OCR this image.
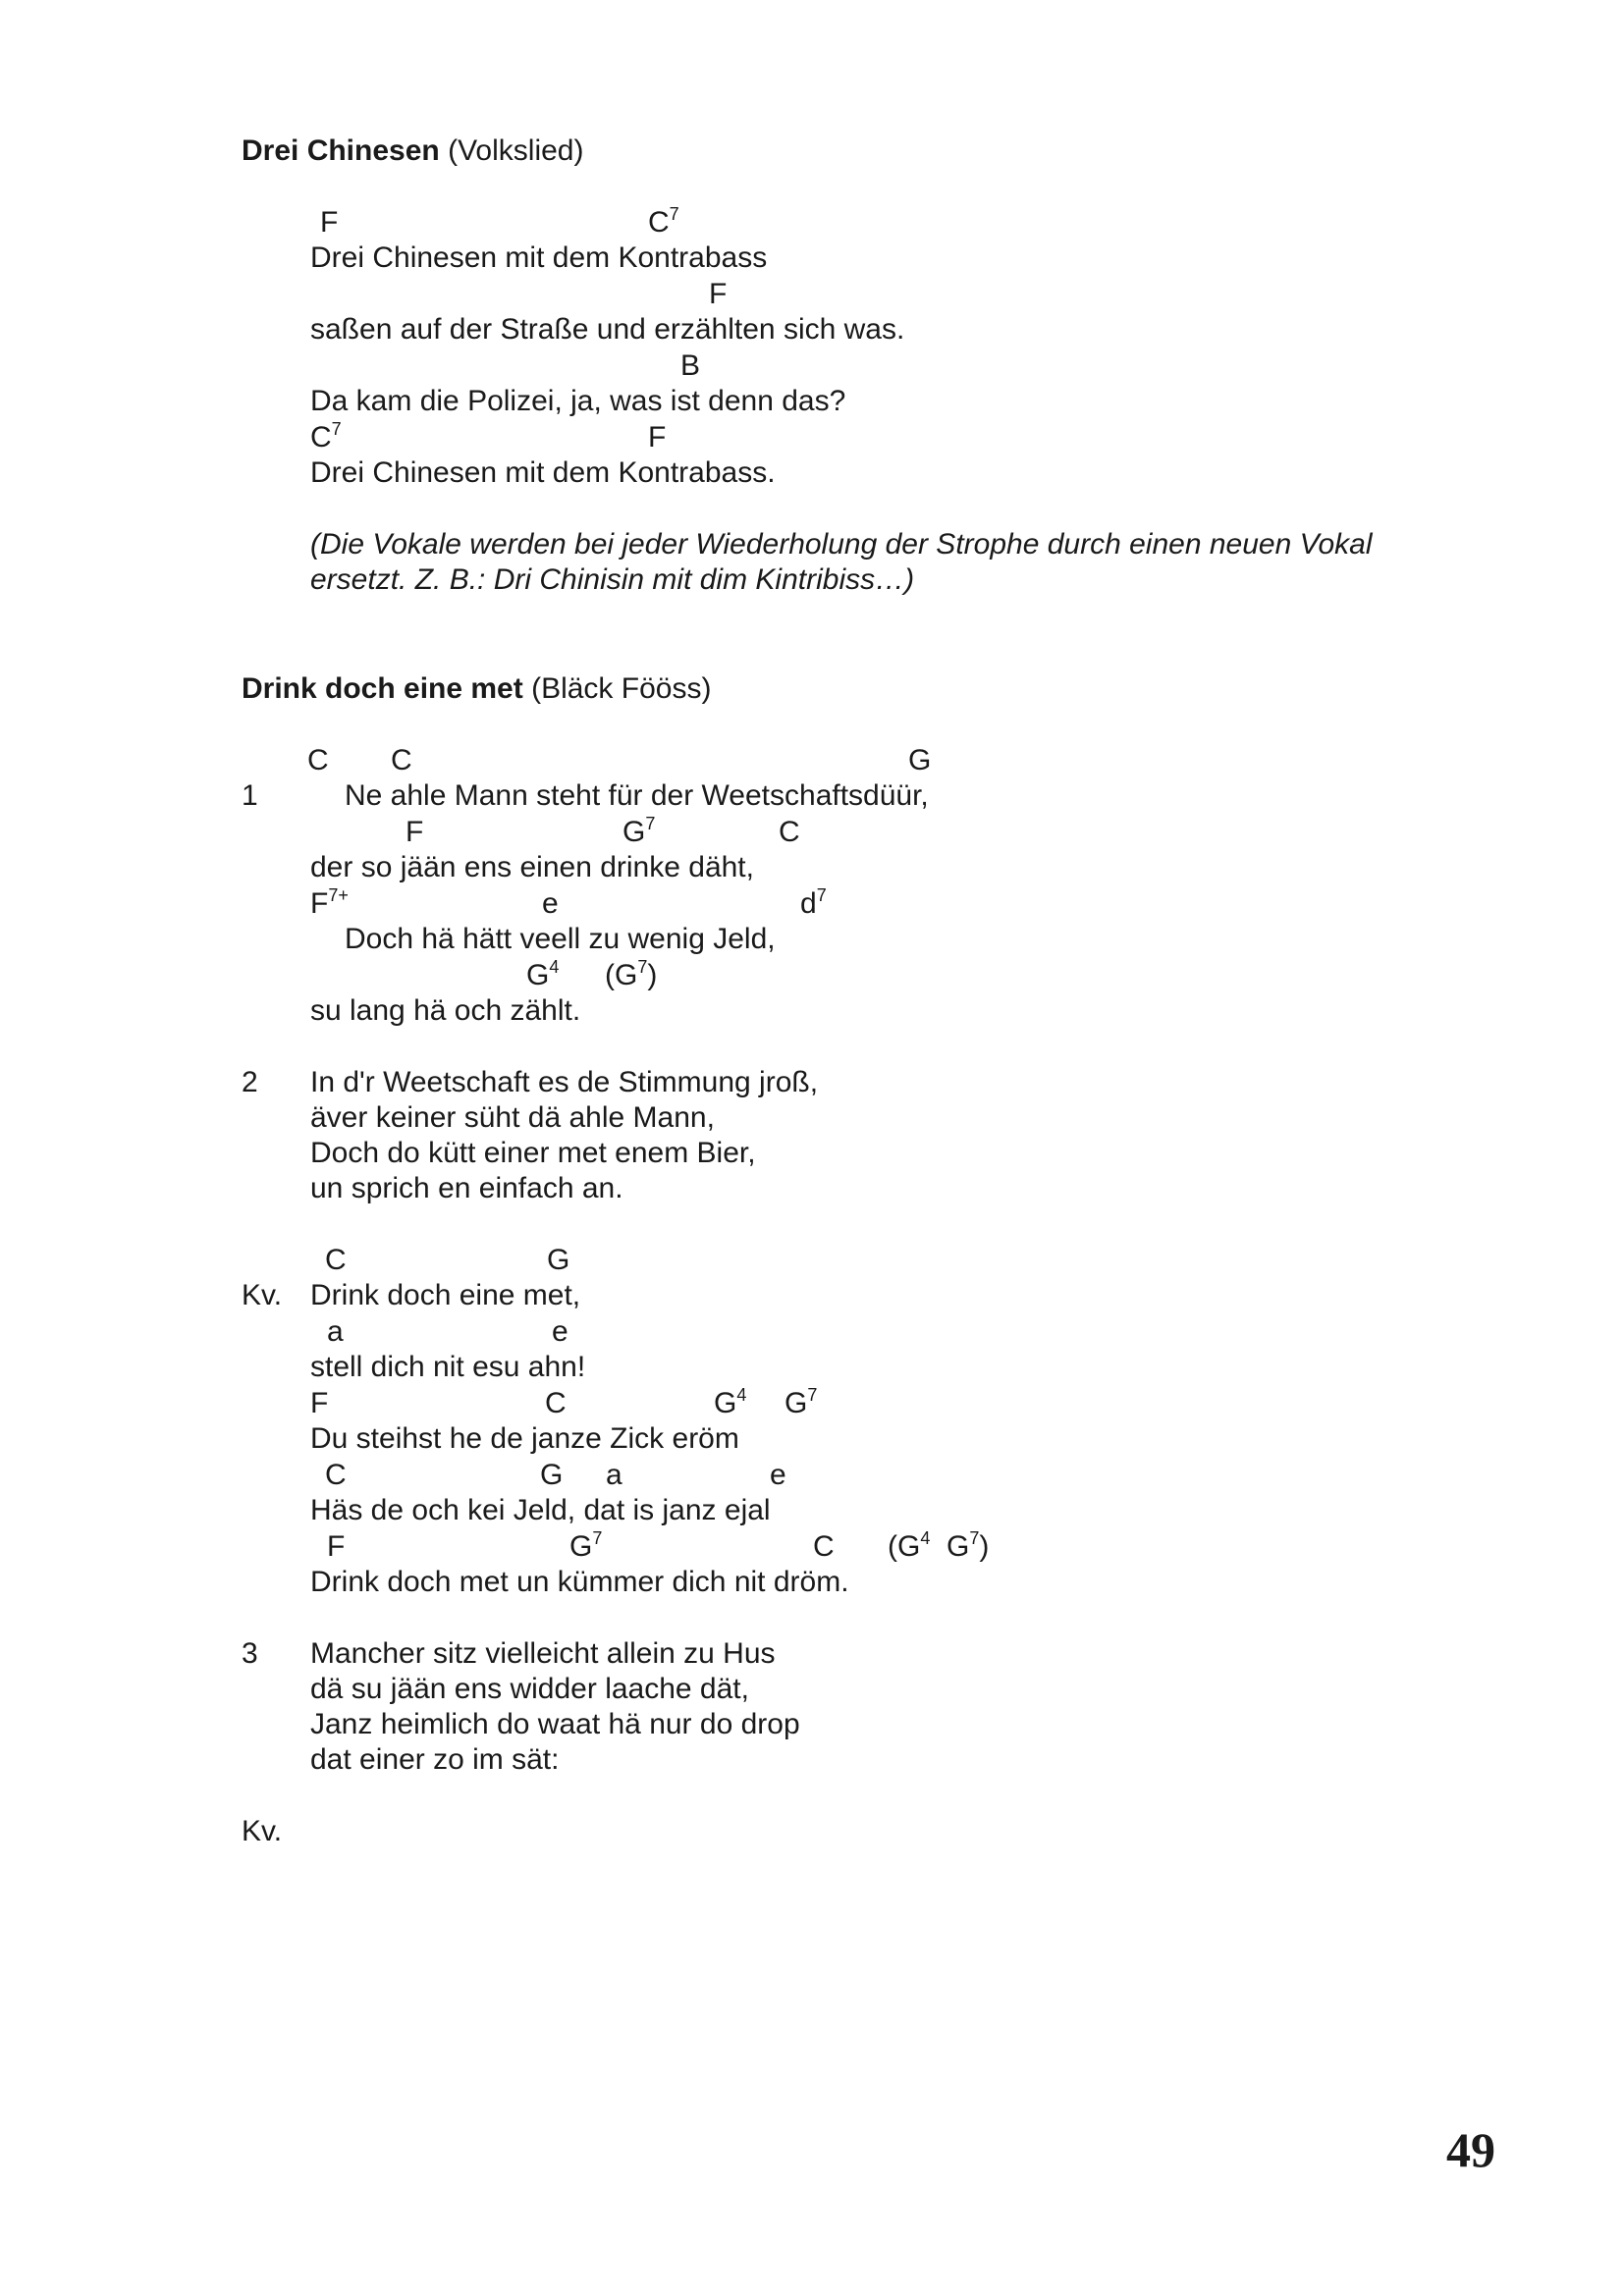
Drei Chinesen (Volkslied)

F	$C^7$

Drei Chinesen mit dem Kontrabass

F

saßen auf der Straße und erzählten sich was.

B

Da kam die Polizei, ja, was ist denn das?

$C^7$	F

Drei Chinesen mit dem Kontrabass.

(Die Vokale werden bei jeder Wiederholung der Strophe durch einen neuen Vokal

ersetzt. Z. B.: Dri Chinisin mit dim Kintribiss…)

Drink doch eine met (Bläck Fööss)

C C	G
1	Ne ahle Mann steht für der Weetschaftsdüür,

F	$G^7$	C

der so jään ens einen drinke däht,

$F^{7+}$	e	$d^7$

Doch hä hätt veell zu wenig Jeld,

$G^4$ $(G^7)$

su lang hä och zählt.

2 In d'r Weetschaft es de Stimmung jroß,

äver keiner süht dä ahle Mann,

Doch do kütt einer met enem Bier,

un sprich en einfach an.

C	G
Kv. Drink doch eine met,

a	e

stell dich nit esu ahn!

F	C	$G^4$ $G^7$

Du steihst he de janze Zick eröm

C	G a	e

Häs de och kei Jeld, dat is janz ejal

F	$G^7$	C ($G^4$ $G^7$)

Drink doch met un kümmer dich nit dröm.

3 Mancher sitz vielleicht allein zu Hus

dä su jään ens widder laache dät,

Janz heimlich do waat hä nur do drop

dat einer zo im sät:

Kv.
49
